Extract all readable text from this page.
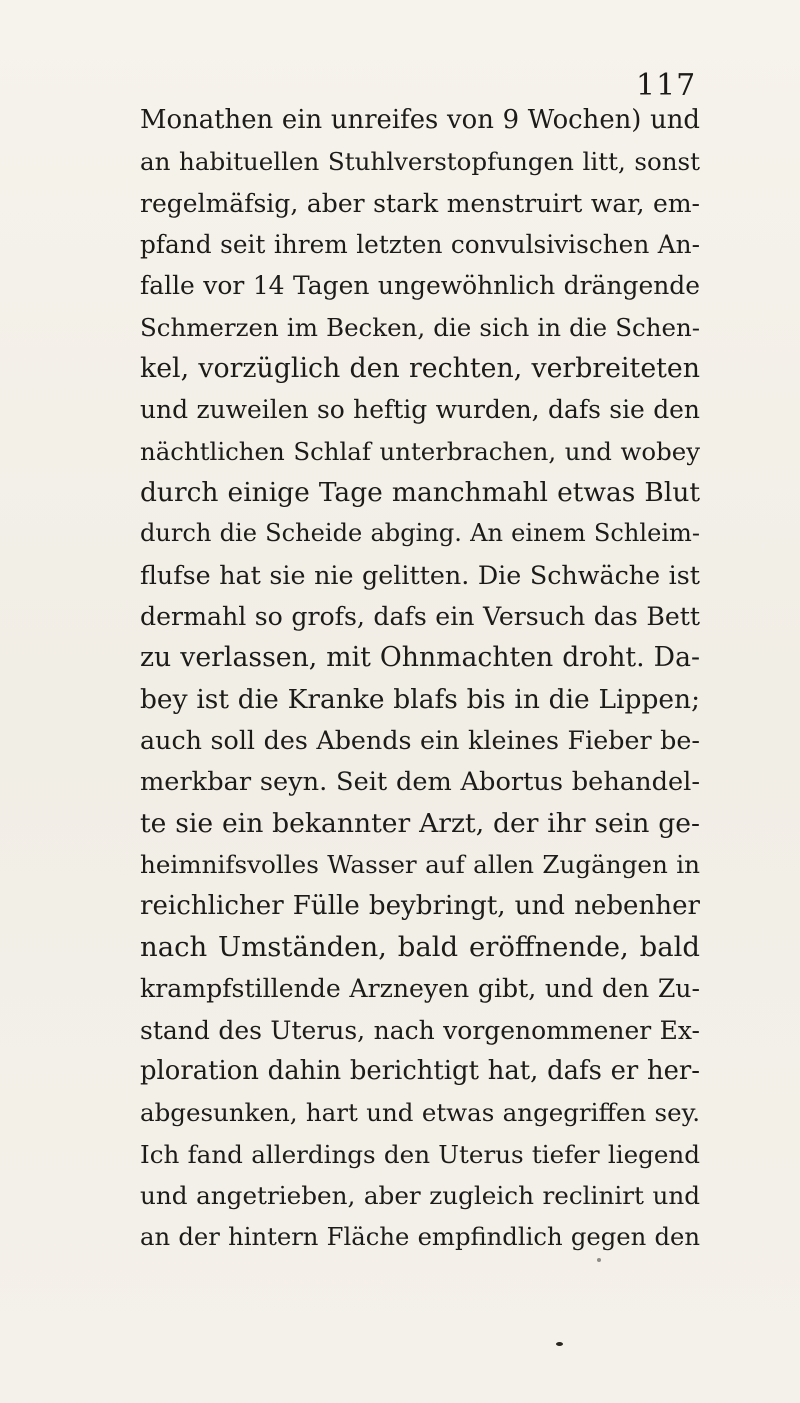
117
Monathen ein unreifes von 9 Wochen) und
an habituellen Stuhlverstopfungen litt, sonst
regelmäfsig, aber stark menstruirt war, em-
pfand seit ihrem letzten convulsivischen An-
falle vor 14 Tagen ungewöhnlich drängende
Schmerzen im Becken, die sich in die Schen-
kel, vorzüglich den rechten, verbreiteten
und zuweilen so heftig wurden, dafs sie den
nächtlichen Schlaf unterbrachen, und wobey
durch einige Tage manchmahl etwas Blut
durch die Scheide abging. An einem Schleim-
flufse hat sie nie gelitten. Die Schwäche ist
dermahl so grofs, dafs ein Versuch das Bett
zu verlassen, mit Ohnmachten droht. Da-
bey ist die Kranke blafs bis in die Lippen;
auch soll des Abends ein kleines Fieber be-
merkbar seyn. Seit dem Abortus behandel-
te sie ein bekannter Arzt, der ihr sein ge-
heimnifsvolles Wasser auf allen Zugängen in
reichlicher Fülle beybringt, und nebenher
nach Umständen, bald eröffnende, bald
krampfstillende Arzneyen gibt, und den Zu-
stand des Uterus, nach vorgenommener Ex-
ploration dahin berichtigt hat, dafs er her-
abgesunken, hart und etwas angegriffen sey.
Ich fand allerdings den Uterus tiefer liegend
und angetrieben, aber zugleich reclinirt und
an der hintern Fläche empfindlich gegen den
